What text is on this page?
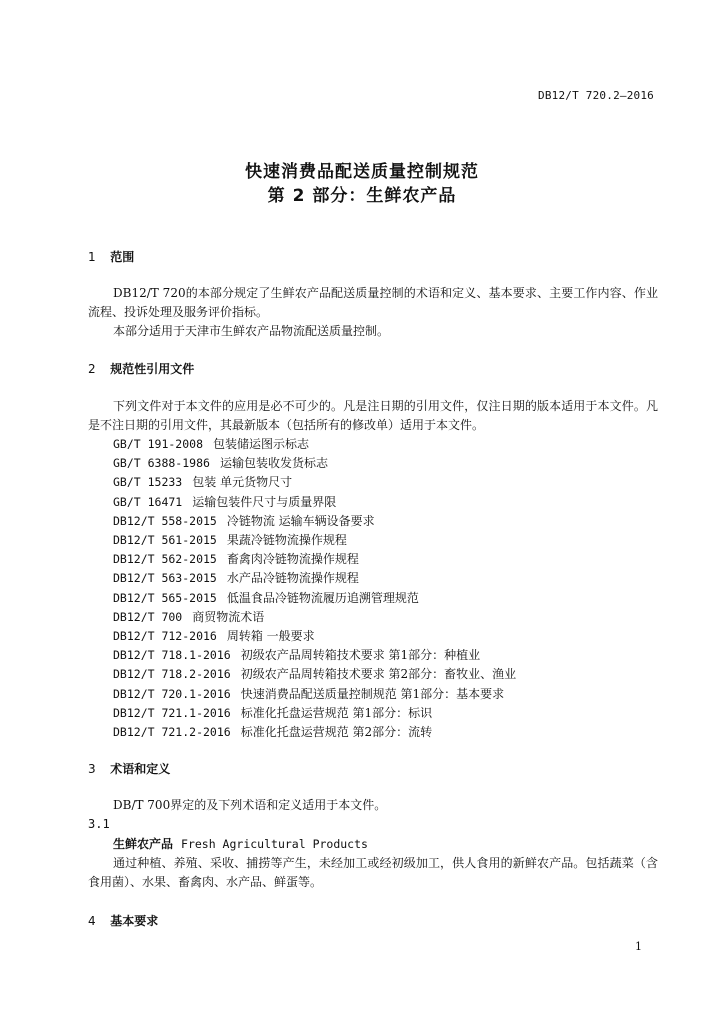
DB12/T 720.2—2016
快速消费品配送质量控制规范
第 2 部分：生鲜农产品
1 范围
DB12/T 720的本部分规定了生鲜农产品配送质量控制的术语和定义、基本要求、主要工作内容、作业流程、投诉处理及服务评价指标。
本部分适用于天津市生鲜农产品物流配送质量控制。
2 规范性引用文件
下列文件对于本文件的应用是必不可少的。凡是注日期的引用文件，仅注日期的版本适用于本文件。凡是不注日期的引用文件，其最新版本（包括所有的修改单）适用于本文件。
GB/T 191-2008 包装储运图示标志
GB/T 6388-1986 运输包装收发货标志
GB/T 15233 包装 单元货物尺寸
GB/T 16471 运输包装件尺寸与质量界限
DB12/T 558-2015 冷链物流 运输车辆设备要求
DB12/T 561-2015 果蔬冷链物流操作规程
DB12/T 562-2015 畜禽肉冷链物流操作规程
DB12/T 563-2015 水产品冷链物流操作规程
DB12/T 565-2015 低温食品冷链物流履历追溯管理规范
DB12/T 700 商贸物流术语
DB12/T 712-2016 周转箱 一般要求
DB12/T 718.1-2016 初级农产品周转箱技术要求 第1部分：种植业
DB12/T 718.2-2016 初级农产品周转箱技术要求 第2部分：畜牧业、渔业
DB12/T 720.1-2016 快速消费品配送质量控制规范 第1部分：基本要求
DB12/T 721.1-2016 标准化托盘运营规范 第1部分：标识
DB12/T 721.2-2016 标准化托盘运营规范 第2部分：流转
3 术语和定义
DB/T 700界定的及下列术语和定义适用于本文件。
3.1
生鲜农产品 Fresh Agricultural Products
通过种植、养殖、采收、捕捞等产生，未经加工或经初级加工，供人食用的新鲜农产品。包括蔬菜（含食用菌）、水果、畜禽肉、水产品、鲜蛋等。
4 基本要求
1
